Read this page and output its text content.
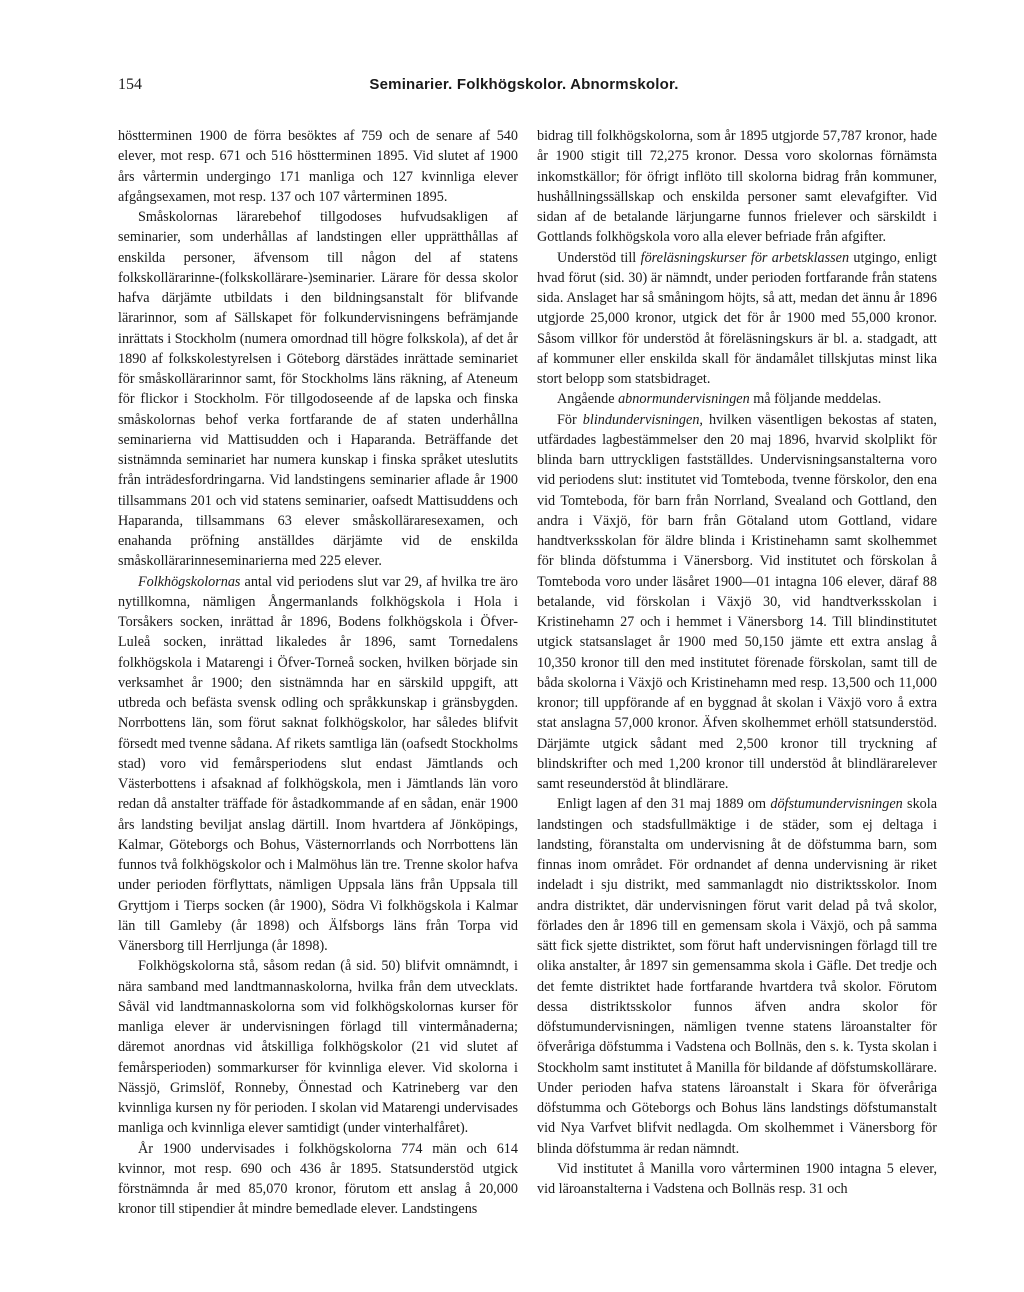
154	Seminarier. Folkhögskolor. Abnormskolor.

höstterminen 1900 de förra besöktes af 759 och de senare af 540 elever, mot resp. 671 och 516 höstterminen 1895. Vid slutet af 1900 års vårtermin undergingo 171 manliga och 127 kvinnliga elever afgångsexamen, mot resp. 137 och 107 vårterminen 1895.

Småskolornas lärarebehof tillgodoses hufvudsakligen af seminarier, som underhållas af landstingen eller upprätthållas af enskilda personer, äfvensom till någon del af statens folkskollärarinne-(folkskollärare-)seminarier. Lärare för dessa skolor hafva därjämte utbildats i den bildningsanstalt för blifvande lärarinnor, som af Sällskapet för folkundervisningens befrämjande inrättats i Stockholm (numera omordnad till högre folkskola), af det år 1890 af folkskolestyrelsen i Göteborg därstädes inrättade seminariet för småskollärarinnor samt, för Stockholms läns räkning, af Ateneum för flickor i Stockholm. För tillgodoseende af de lapska och finska småskolornas behof verka fortfarande de af staten underhållna seminarierna vid Mattisudden och i Haparanda. Beträffande det sistnämnda seminariet har numera kunskap i finska språket uteslutits från inträdesfordringarna. Vid landstingens seminarier aflade år 1900 tillsammans 201 och vid statens seminarier, oafsedt Mattisuddens och Haparanda, tillsammans 63 elever småskolläraresexamen, och enahanda pröfning anställdes därjämte vid de enskilda småskollärarinneseminarierna med 225 elever.

Folkhögskolornas antal vid periodens slut var 29, af hvilka tre äro nytillkomna, nämligen Ångermanlands folkhögskola i Hola i Torsåkers socken, inrättad år 1896, Bodens folkhögskola i Öfver-Luleå socken, inrättad likaledes år 1896, samt Tornedalens folkhögskola i Matarengi i Öfver-Torneå socken, hvilken började sin verksamhet år 1900; den sistnämnda har en särskild uppgift, att utbreda och befästa svensk odling och språkkunskap i gränsbygden. Norrbottens län, som förut saknat folkhögskolor, har således blifvit försedt med tvenne sådana. Af rikets samtliga län (oafsedt Stockholms stad) voro vid femårsperiodens slut endast Jämtlands och Västerbottens i afsaknad af folkhögskola, men i Jämtlands län voro redan då anstalter träffade för åstadkommande af en sådan, enär 1900 års landsting beviljat anslag därtill. Inom hvartdera af Jönköpings, Kalmar, Göteborgs och Bohus, Västernorrlands och Norrbottens län funnos två folkhögskolor och i Malmöhus län tre. Trenne skolor hafva under perioden förflyttats, nämligen Uppsala läns från Uppsala till Gryttjom i Tierps socken (år 1900), Södra Vi folkhögskola i Kalmar län till Gamleby (år 1898) och Älfsborgs läns från Torpa vid Vänersborg till Herrljunga (år 1898).

Folkhögskolorna stå, såsom redan (å sid. 50) blifvit omnämndt, i nära samband med landtmannaskolorna, hvilka från dem utvecklats. Såväl vid landtmannaskolorna som vid folkhögskolornas kurser för manliga elever är undervisningen förlagd till vintermånaderna; däremot anordnas vid åtskilliga folkhögskolor (21 vid slutet af femårsperioden) sommarkurser för kvinnliga elever. Vid skolorna i Nässjö, Grimslöf, Ronneby, Önnestad och Katrineberg var den kvinnliga kursen ny för perioden. I skolan vid Matarengi undervisades manliga och kvinnliga elever samtidigt (under vinterhalfåret).

År 1900 undervisades i folkhögskolorna 774 män och 614 kvinnor, mot resp. 690 och 436 år 1895. Statsunderstöd utgick förstnämnda år med 85,070 kronor, förutom ett anslag å 20,000 kronor till stipendier åt mindre bemedlade elever. Landstingens

bidrag till folkhögskolorna, som år 1895 utgjorde 57,787 kronor, hade år 1900 stigit till 72,275 kronor. Dessa voro skolornas förnämsta inkomstkällor; för öfrigt inflöto till skolorna bidrag från kommuner, hushållningssällskap och enskilda personer samt elevafgifter. Vid sidan af de betalande lärjungarne funnos frielever och särskildt i Gottlands folkhögskola voro alla elever befriade från afgifter.

Understöd till föreläsningskurser för arbetsklassen utgingo, enligt hvad förut (sid. 30) är nämndt, under perioden fortfarande från statens sida. Anslaget har så småningom höjts, så att, medan det ännu år 1896 utgjorde 25,000 kronor, utgick det för år 1900 med 55,000 kronor. Såsom villkor för understöd åt föreläsningskurs är bl. a. stadgadt, att af kommuner eller enskilda skall för ändamålet tillskjutas minst lika stort belopp som statsbidraget.

Angående abnormundervisningen må följande meddelas.

För blindundervisningen, hvilken väsentligen bekostas af staten, utfärdades lagbestämmelser den 20 maj 1896, hvarvid skolplikt för blinda barn uttryckligen fastställdes. Undervisningsanstalterna voro vid periodens slut: institutet vid Tomteboda, tvenne förskolor, den ena vid Tomteboda, för barn från Norrland, Svealand och Gottland, den andra i Växjö, för barn från Götaland utom Gottland, vidare handtverksskolan för äldre blinda i Kristinehamn samt skolhemmet för blinda döfstumma i Vänersborg. Vid institutet och förskolan å Tomteboda voro under läsåret 1900—01 intagna 106 elever, däraf 88 betalande, vid förskolan i Växjö 30, vid handtverksskolan i Kristinehamn 27 och i hemmet i Vänersborg 14. Till blindinstitutet utgick statsanslaget år 1900 med 50,150 jämte ett extra anslag å 10,350 kronor till den med institutet förenade förskolan, samt till de båda skolorna i Växjö och Kristinehamn med resp. 13,500 och 11,000 kronor; till uppförande af en byggnad åt skolan i Växjö voro å extra stat anslagna 57,000 kronor. Äfven skolhemmet erhöll statsunderstöd. Därjämte utgick sådant med 2,500 kronor till tryckning af blindskrifter och med 1,200 kronor till understöd åt blindlärarelever samt reseunderstöd åt blindlärare.

Enligt lagen af den 31 maj 1889 om döfstumundervisningen skola landstingen och stadsfullmäktige i de städer, som ej deltaga i landsting, föranstalta om undervisning åt de döfstumma barn, som finnas inom området. För ordnandet af denna undervisning är riket indeladt i sju distrikt, med sammanlagdt nio distriktsskolor. Inom andra distriktet, där undervisningen förut varit delad på två skolor, förlades den år 1896 till en gemensam skola i Växjö, och på samma sätt fick sjette distriktet, som förut haft undervisningen förlagd till tre olika anstalter, år 1897 sin gemensamma skola i Gäfle. Det tredje och det femte distriktet hade fortfarande hvartdera två skolor. Förutom dessa distriktsskolor funnos äfven andra skolor för döfstumundervisningen, nämligen tvenne statens läroanstalter för öfveråriga döfstumma i Vadstena och Bollnäs, den s. k. Tysta skolan i Stockholm samt institutet å Manilla för bildande af döfstumskollärare. Under perioden hafva statens läroanstalt i Skara för öfveråriga döfstumma och Göteborgs och Bohus läns landstings döfstumanstalt vid Nya Varfvet blifvit nedlagda. Om skolhemmet i Vänersborg för blinda döfstumma är redan nämndt.

Vid institutet å Manilla voro vårterminen 1900 intagna 5 elever, vid läroanstalterna i Vadstena och Bollnäs resp. 31 och
